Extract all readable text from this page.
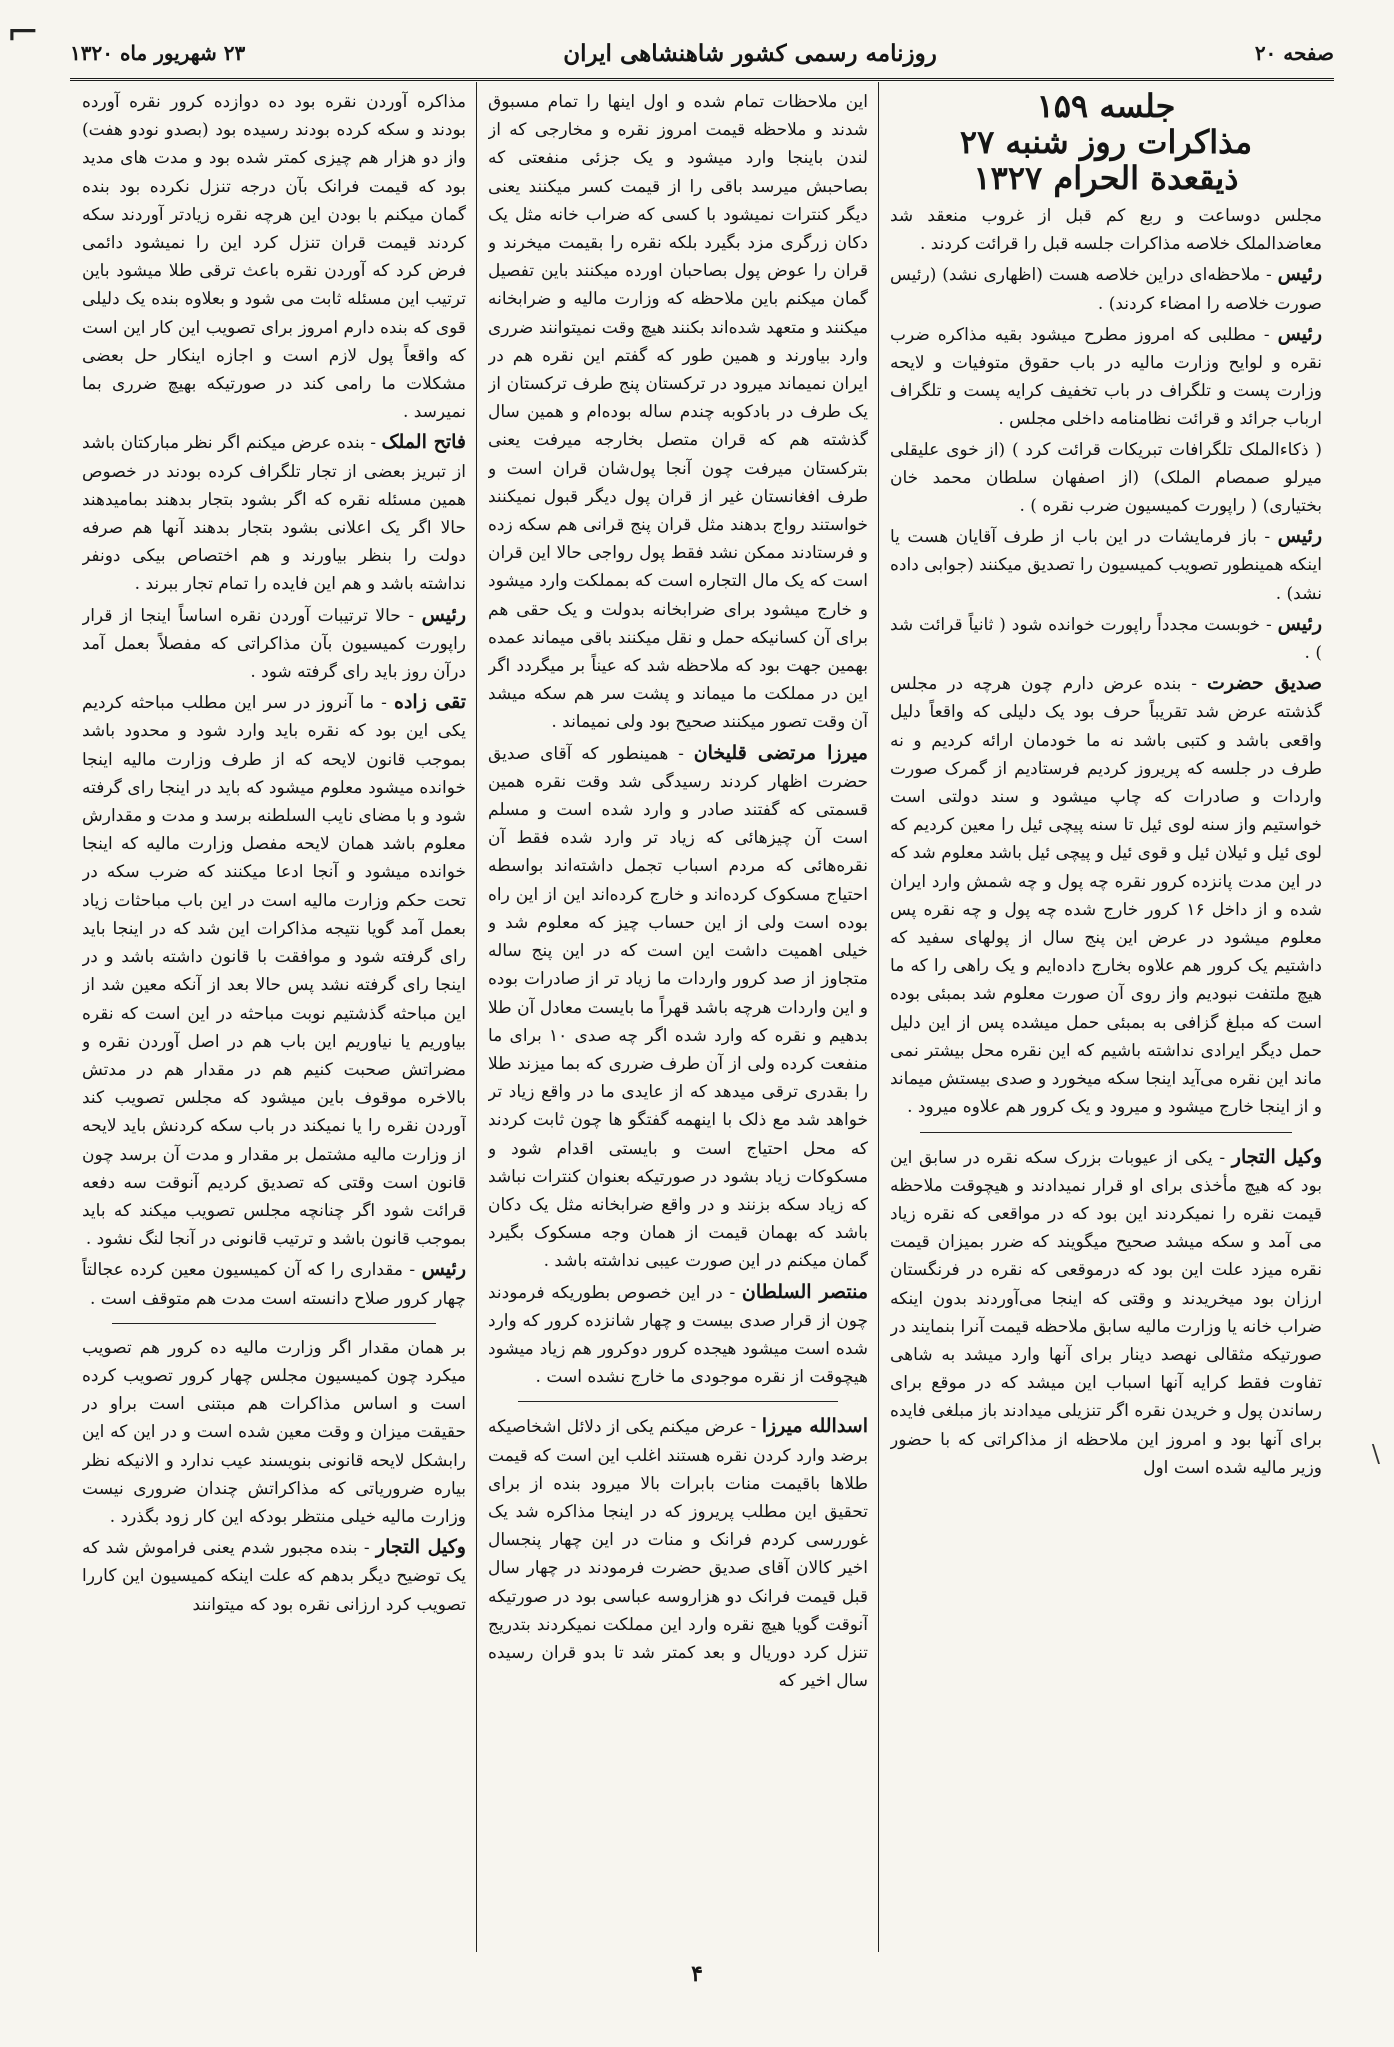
⌐	صفحه ۲۰
روزنامه رسمی کشور شاهنشاهی ایران
۲۳ شهریور ماه ۱۳۲۰
جلسه ۱۵۹
مذاکرات روز شنبه ۲۷
ذیقعدة الحرام ۱۳۲۷

مجلس دوساعت و ربع کم قبل از غروب منعقد شد معاضدالملک خلاصه مذاکرات جلسه قبل را قرائت کردند .

رئیس - ملاحظه‌ای دراین خلاصه هست (اظهاری نشد) (رئیس صورت خلاصه را امضاء کردند) .

رئیس - مطلبی که امروز مطرح میشود بقیه مذاکره ضرب نقره و لوایح وزارت مالیه در باب حقوق متوفیات و لایحه وزارت پست و تلگراف در باب تخفیف کرایه پست و تلگراف ارباب جرائد و قرائت نظامنامه داخلی مجلس .

( ذکاءالملک تلگرافات تبریکات قرائت کرد ) (از خوی علیقلی میرلو صمصام الملک) (از اصفهان سلطان محمد خان بختیاری) ( راپورت کمیسیون ضرب نقره ) .

رئیس - باز فرمایشات در این باب از طرف آقایان هست یا اینکه همینطور تصویب کمیسیون را تصدیق میکنند (جوابی داده نشد) .

رئیس - خوبست مجدداً راپورت خوانده شود ( ثانیاً قرائت شد ) .

صدیق حضرت - بنده عرض دارم چون هرچه در مجلس گذشته عرض شد تقریباً حرف بود یک دلیلی که واقعاً دلیل واقعی باشد و کتبی باشد نه ما خودمان ارائه کردیم و نه طرف در جلسه که پریروز کردیم فرستادیم از گمرک صورت واردات و صادرات که چاپ میشود و سند دولتی است خواستیم واز سنه لوی ئیل تا سنه پیچی ئیل را معین کردیم که لوی ئیل و ئیلان ئیل و قوی ئیل و پیچی ئیل باشد معلوم شد که در این مدت پانزده کرور نقره چه پول و چه شمش وارد ایران شده و از داخل ۱۶ کرور خارج شده چه پول و چه نقره پس معلوم میشود در عرض این پنج سال از پولهای سفید که داشتیم یک کرور هم علاوه بخارج داده‌ایم و یک راهی را که ما هیچ ملتفت نبودیم واز روی آن صورت معلوم شد بمبئی بوده است که مبلغ گزافی به بمبئی حمل میشده پس از این دلیل حمل دیگر ایرادی نداشته باشیم که این نقره محل بیشتر نمی ماند این نقره می‌آید اینجا سکه میخورد و صدی بیستش میماند و از اینجا خارج میشود و میرود و یک کرور هم علاوه میرود .

وکیل التجار - یکی از عیوبات بزرک سکه نقره در سابق این بود که هیچ مأخذی برای او قرار نمیدادند و هیچوقت ملاحظه قیمت نقره را نمیکردند این بود که در مواقعی که نقره زیاد می آمد و سکه میشد صحیح میگویند که ضرر بمیزان قیمت نقره میزد علت این بود که درموقعی که نقره در فرنگستان ارزان بود میخریدند و وقتی که اینجا می‌آوردند بدون اینکه ضراب خانه یا وزارت مالیه سابق ملاحظه قیمت آنرا بنمایند در صورتیکه مثقالی نهصد دینار برای آنها وارد میشد به شاهی تفاوت فقط کرایه آنها اسباب این میشد که در موقع برای رساندن پول و خریدن نقره اگر تنزیلی میدادند باز مبلغی فایده برای آنها بود و امروز این ملاحظه از مذاکراتی که با حضور وزیر مالیه شده است اول

این ملاحظات تمام شده و اول اینها را تمام مسبوق شدند و ملاحظه قیمت امروز نقره و مخارجی که از لندن باینجا وارد میشود و یک جزئی منفعتی که بصاحبش میرسد باقی را از قیمت کسر میکنند یعنی دیگر کنترات نمیشود با کسی که ضراب خانه مثل یک دکان زرگری مزد بگیرد بلکه نقره را بقیمت میخرند و قران را عوض پول بصاحبان اورده میکنند باین تفصیل گمان میکنم باین ملاحظه که وزارت مالیه و ضرابخانه میکنند و متعهد شده‌اند بکنند هیچ وقت نمیتوانند ضرری وارد بیاورند و همین طور که گفتم این نقره هم در ایران نمیماند میرود در ترکستان پنج طرف ترکستان از یک طرف در بادکوبه چندم ساله بوده‌ام و همین سال گذشته هم که قران متصل بخارجه میرفت یعنی بترکستان میرفت چون آنجا پول‌شان قران است و طرف افغانستان غیر از قران پول دیگر قبول نمیکنند خواستند رواج بدهند مثل قران پنج قرانی هم سکه زده و فرستادند ممکن نشد فقط پول رواجی حالا این قران است که یک مال التجاره است که بمملکت وارد میشود و خارج میشود برای ضرابخانه بدولت و یک حقی هم برای آن کسانیکه حمل و نقل میکنند باقی میماند عمده بهمین جهت بود که ملاحظه شد که عیناً بر میگردد اگر این در مملکت ما میماند و پشت سر هم سکه میشد آن وقت تصور میکنند صحیح بود ولی نمیماند .

میرزا مرتضی قلیخان - همینطور که آقای صدیق حضرت اظهار کردند رسیدگی شد وقت نقره همین قسمتی که گفتند صادر و وارد شده است و مسلم است آن چیزهائی که زیاد تر وارد شده فقط آن نقره‌هائی که مردم اسباب تجمل داشته‌اند بواسطه احتیاج مسکوک کرده‌اند و خارج کرده‌اند این از این راه بوده است ولی از این حساب چیز که معلوم شد و خیلی اهمیت داشت این است که در این پنج ساله متجاوز از صد کرور واردات ما زیاد تر از صادرات بوده و این واردات هرچه باشد قهراً ما بایست معادل آن طلا بدهیم و نقره که وارد شده اگر چه صدی ۱۰ برای ما منفعت کرده ولی از آن طرف ضرری که بما میزند طلا را بقدری ترقی میدهد که از عایدی ما در واقع زیاد تر خواهد شد مع ذلک با اینهمه گفتگو ها چون ثابت کردند که محل احتیاج است و بایستی اقدام شود و مسکوکات زیاد بشود در صورتیکه بعنوان کنترات نباشد که زیاد سکه بزنند و در واقع ضرابخانه مثل یک دکان باشد که بهمان قیمت از همان وجه مسکوک بگیرد گمان میکنم در این صورت عیبی نداشته باشد .

منتصر السلطان - در این خصوص بطوریکه فرمودند چون از قرار صدی بیست و چهار شانزده کرور که وارد شده است میشود هیجده کرور دوکرور هم زیاد میشود هیچوقت از نقره موجودی ما خارج نشده است .

اسدالله میرزا - عرض میکنم یکی از دلائل اشخاصیکه برضد وارد کردن نقره هستند اغلب این است که قیمت طلاها باقیمت منات بابرات بالا میرود بنده از برای تحقیق این مطلب پریروز که در اینجا مذاکره شد یک غوررسی کردم فرانک و منات در این چهار پنجسال اخیر کالان آقای صدیق حضرت فرمودند در چهار سال قبل قیمت فرانک دو هزاروسه عباسی بود در صورتیکه آنوقت گویا هیچ نقره وارد این مملکت نمیکردند بتدریج تنزل کرد دوریال و بعد کمتر شد تا بدو قران رسیده سال اخیر که

مذاکره آوردن نقره بود ده دوازده کرور نقره آورده بودند و سکه کرده بودند رسیده بود (بصدو نودو هفت) واز دو هزار هم چیزی کمتر شده بود و مدت های مدید بود که قیمت فرانک بآن درجه تنزل نکرده بود بنده گمان میکنم با بودن این هرچه نقره زیادتر آوردند سکه کردند قیمت قران تنزل کرد این را نمیشود دائمی فرض کرد که آوردن نقره باعث ترقی طلا میشود باین ترتیب این مسئله ثابت می شود و بعلاوه بنده یک دلیلی قوی که بنده دارم امروز برای تصویب این کار این است که واقعاً پول لازم است و اجازه اینکار حل بعضی مشکلات ما رامی کند در صورتیکه بهیچ ضرری بما نمیرسد .

فاتح الملک - بنده عرض میکنم اگر نظر مبارکتان باشد از تبریز بعضی از تجار تلگراف کرده بودند در خصوص همین مسئله نقره که اگر بشود بتجار بدهند بمامیدهند حالا اگر یک اعلانی بشود بتجار بدهند آنها هم صرفه دولت را بنظر بیاورند و هم اختصاص بیکی دونفر نداشته باشد و هم این فایده را تمام تجار ببرند .

رئیس - حالا ترتیبات آوردن نقره اساساً اینجا از قرار راپورت کمیسیون بآن مذاکراتی که مفصلاً بعمل آمد درآن روز باید رای گرفته شود .

تقی زاده - ما آنروز در سر این مطلب مباحثه کردیم یکی این بود که نقره باید وارد شود و محدود باشد بموجب قانون لایحه که از طرف وزارت مالیه اینجا خوانده میشود معلوم میشود که باید در اینجا رای گرفته شود و با مضای نایب السلطنه برسد و مدت و مقدارش معلوم باشد همان لایحه مفصل وزارت مالیه که اینجا خوانده میشود و آنجا ادعا میکنند که ضرب سکه در تحت حکم وزارت مالیه است در این باب مباحثات زیاد بعمل آمد گویا نتیجه مذاکرات این شد که در اینجا باید رای گرفته شود و موافقت با قانون داشته باشد و در اینجا رای گرفته نشد پس حالا بعد از آنکه معین شد از این مباحثه گذشتیم نوبت مباحثه در این است که نقره بیاوریم یا نیاوریم این باب هم در اصل آوردن نقره و مضراتش صحبت کنیم هم در مقدار هم در مدتش بالاخره موقوف باین میشود که مجلس تصویب کند آوردن نقره را یا نمیکند در باب سکه کردنش باید لایحه از وزارت مالیه مشتمل بر مقدار و مدت آن برسد چون قانون است وقتی که تصدیق کردیم آنوقت سه دفعه قرائت شود اگر چنانچه مجلس تصویب میکند که باید بموجب قانون باشد و ترتیب قانونی در آنجا لنگ نشود .

رئیس - مقداری را که آن کمیسیون معین کرده عجالتاً چهار کرور صلاح دانسته است مدت هم متوقف است .

بر همان مقدار اگر وزارت مالیه ده کرور هم تصویب میکرد چون کمیسیون مجلس چهار کرور تصویب کرده است و اساس مذاکرات هم مبتنی است براو در حقیقت میزان و وقت معین شده است و در این که این رابشکل لایحه قانونی بنویسند عیب ندارد و الانیکه نظر بیاره ضروریاتی که مذاکراتش چندان ضروری نیست وزارت مالیه خیلی منتظر بودکه این کار زود بگذرد .

وکیل التجار - بنده مجبور شدم یعنی فراموش شد که یک توضیح دیگر بدهم که علت اینکه کمیسیون این کاررا تصویب کرد ارزانی نقره بود که میتوانند

\
۴
